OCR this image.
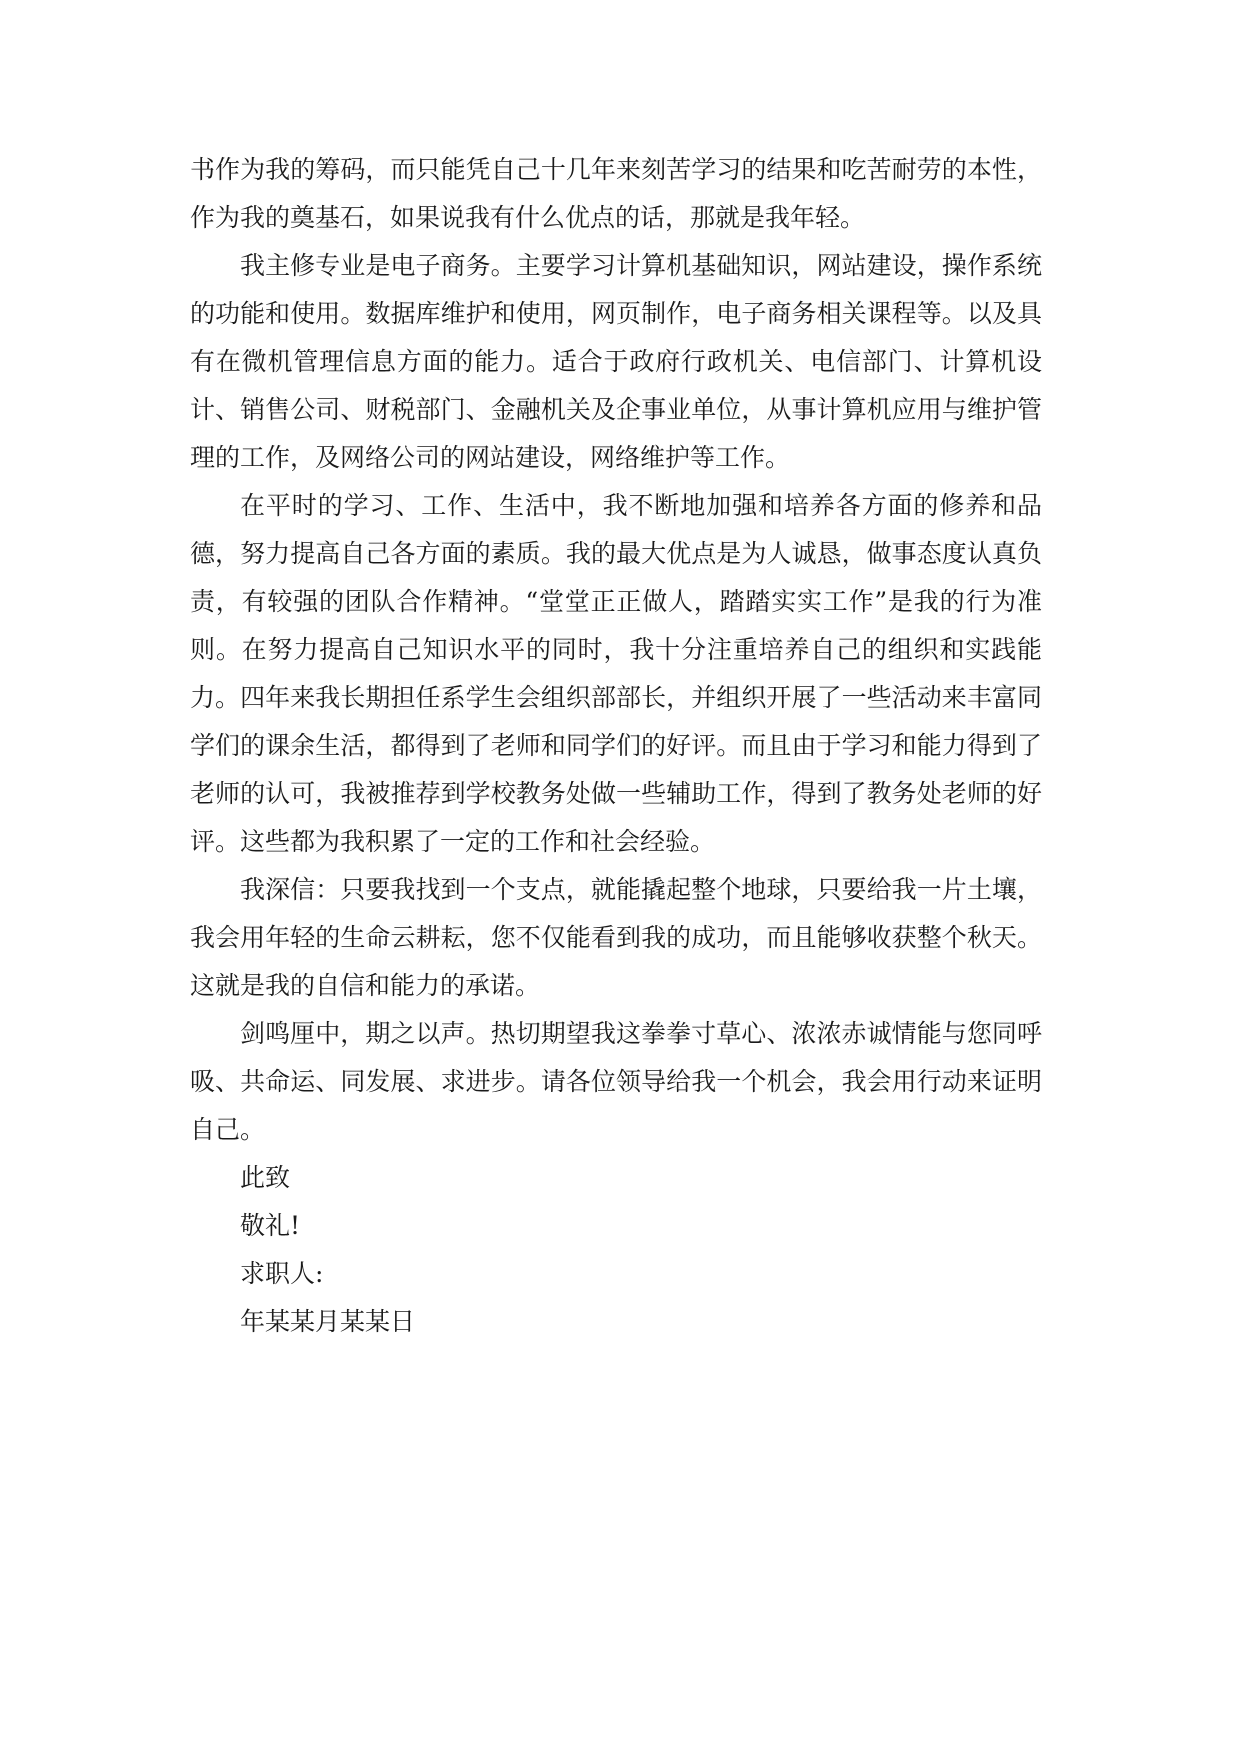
书作为我的筹码，而只能凭自己十几年来刻苦学习的结果和吃苦耐劳的本性，作为我的奠基石，如果说我有什么优点的话，那就是我年轻。

我主修专业是电子商务。主要学习计算机基础知识，网站建设，操作系统的功能和使用。数据库维护和使用，网页制作，电子商务相关课程等。以及具有在微机管理信息方面的能力。适合于政府行政机关、电信部门、计算机设计、销售公司、财税部门、金融机关及企事业单位，从事计算机应用与维护管理的工作，及网络公司的网站建设，网络维护等工作。

在平时的学习、工作、生活中，我不断地加强和培养各方面的修养和品德，努力提高自己各方面的素质。我的最大优点是为人诚恳，做事态度认真负责，有较强的团队合作精神。“堂堂正正做人，踏踏实实工作”是我的行为准则。在努力提高自己知识水平的同时，我十分注重培养自己的组织和实践能力。四年来我长期担任系学生会组织部部长，并组织开展了一些活动来丰富同学们的课余生活，都得到了老师和同学们的好评。而且由于学习和能力得到了老师的认可，我被推荐到学校教务处做一些辅助工作，得到了教务处老师的好评。这些都为我积累了一定的工作和社会经验。

我深信：只要我找到一个支点，就能撬起整个地球，只要给我一片土壤，我会用年轻的生命云耕耘，您不仅能看到我的成功，而且能够收获整个秋天。这就是我的自信和能力的承诺。

剑鸣厘中，期之以声。热切期望我这拳拳寸草心、浓浓赤诚情能与您同呼吸、共命运、同发展、求进步。请各位领导给我一个机会，我会用行动来证明自己。

此致

敬礼!

求职人:

年某某月某某日
